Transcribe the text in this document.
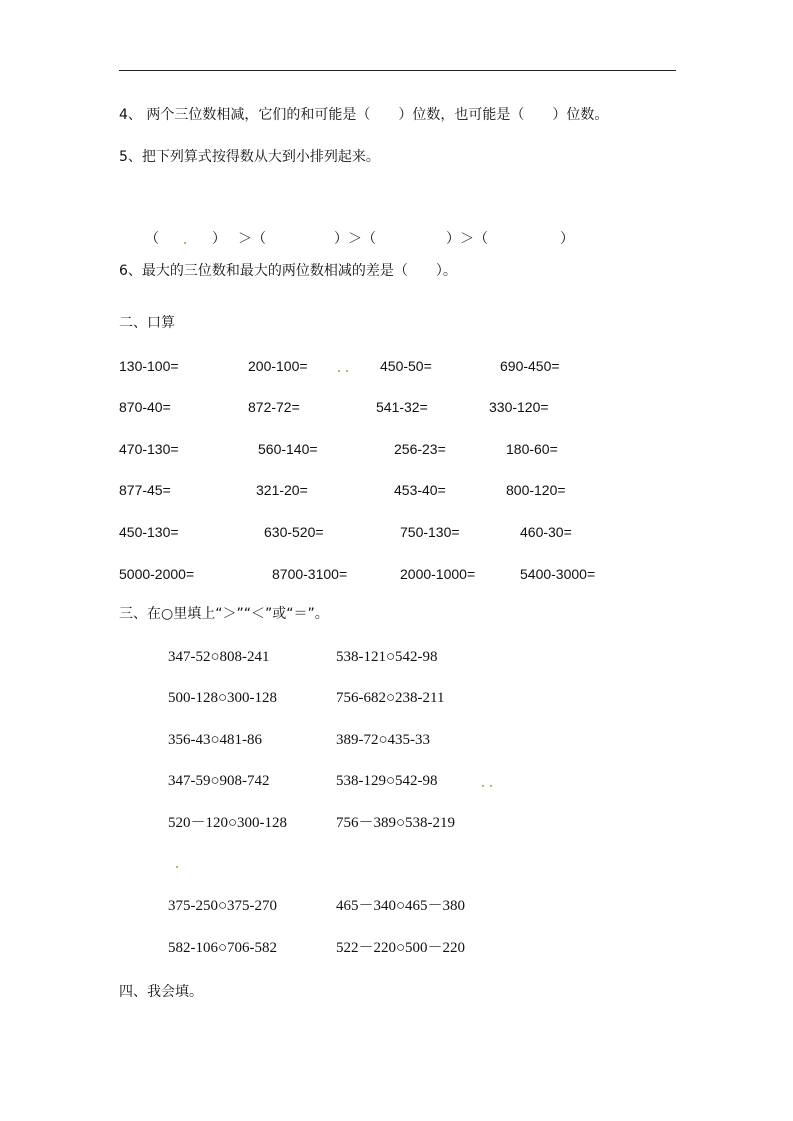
4、 两个三位数相减，它们的和可能是（　　）位数，也可能是（　　）位数。
5、把下列算式按得数从大到小排列起来。
（	） ＞（	）＞（	）＞（	）
6、最大的三位数和最大的两位数相减的差是（　　）。
二、口算
130-100=	200-100=	450-50=	690-450=
870-40=	872-72=	541-32=	330-120=
470-130=	560-140=	256-23=	180-60=
877-45=	321-20=	453-40=	800-120=
450-130=	630-520=	750-130=	460-30=
5000-2000=	8700-3100=	2000-1000=	5400-3000=
三、在○里填上“＞”“＜”或“＝”。
347-52○808-241	538-121○542-98
500-128○300-128	756-682○238-211
356-43○481-86	389-72○435-33
347-59○908-742	538-129○542-98
520－120○300-128	756－389○538-219
375-250○375-270	465－340○465－380
582-106○706-582	522－220○500－220
四、我会填。
